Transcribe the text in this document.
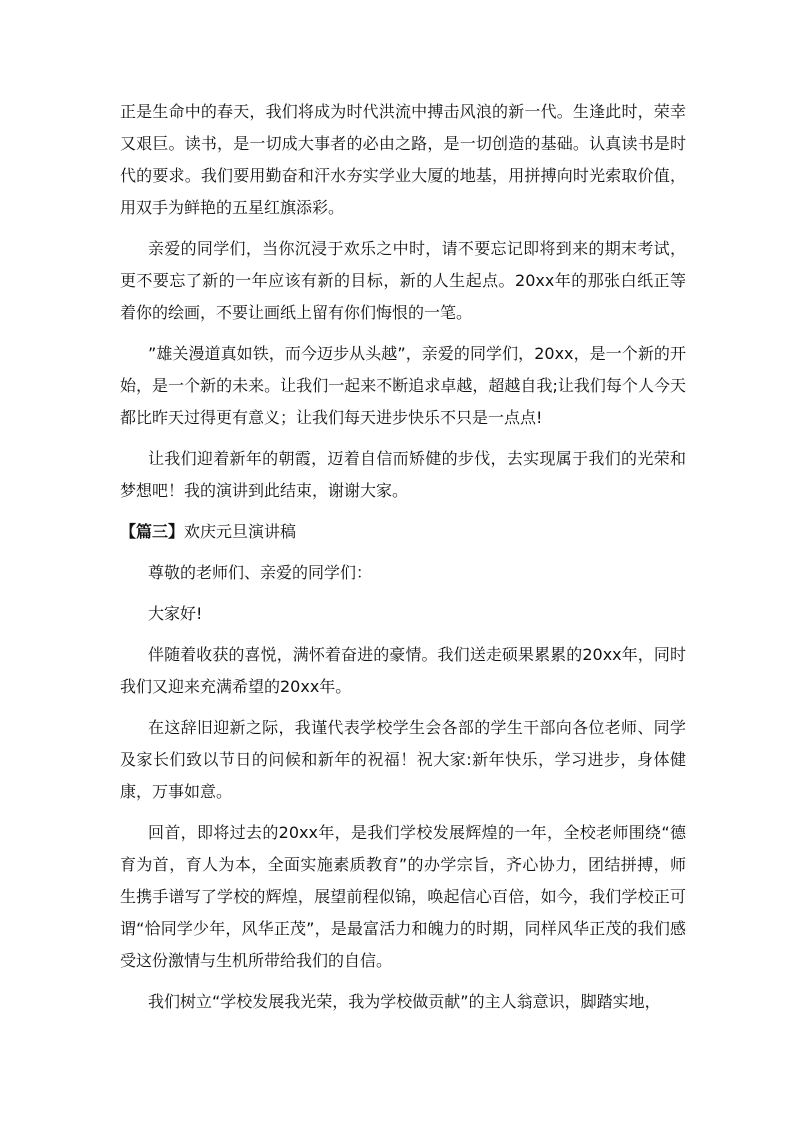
正是生命中的春天，我们将成为时代洪流中搏击风浪的新一代。生逢此时，荣幸又艰巨。读书，是一切成大事者的必由之路，是一切创造的基础。认真读书是时代的要求。我们要用勤奋和汗水夯实学业大厦的地基，用拼搏向时光索取价值，用双手为鲜艳的五星红旗添彩。

亲爱的同学们，当你沉浸于欢乐之中时，请不要忘记即将到来的期末考试，更不要忘了新的一年应该有新的目标，新的人生起点。20xx年的那张白纸正等着你的绘画，不要让画纸上留有你们悔恨的一笔。

”雄关漫道真如铁，而今迈步从头越”，亲爱的同学们，20xx，是一个新的开始，是一个新的未来。让我们一起来不断追求卓越，超越自我;让我们每个人今天都比昨天过得更有意义；让我们每天进步快乐不只是一点点!

让我们迎着新年的朝霞，迈着自信而矫健的步伐，去实现属于我们的光荣和梦想吧！我的演讲到此结束，谢谢大家。

【篇三】欢庆元旦演讲稿

尊敬的老师们、亲爱的同学们：

大家好!

伴随着收获的喜悦，满怀着奋进的豪情。我们送走硕果累累的20xx年，同时我们又迎来充满希望的20xx年。

在这辞旧迎新之际，我谨代表学校学生会各部的学生干部向各位老师、同学及家长们致以节日的问候和新年的祝福！祝大家:新年快乐，学习进步，身体健康，万事如意。

回首，即将过去的20xx年，是我们学校发展辉煌的一年，全校老师围绕“德育为首，育人为本，全面实施素质教育”的办学宗旨，齐心协力，团结拼搏，师生携手谱写了学校的辉煌，展望前程似锦，唤起信心百倍，如今，我们学校正可谓“恰同学少年，风华正茂”，是最富活力和魄力的时期，同样风华正茂的我们感受这份激情与生机所带给我们的自信。

我们树立“学校发展我光荣，我为学校做贡献”的主人翁意识，脚踏实地，
